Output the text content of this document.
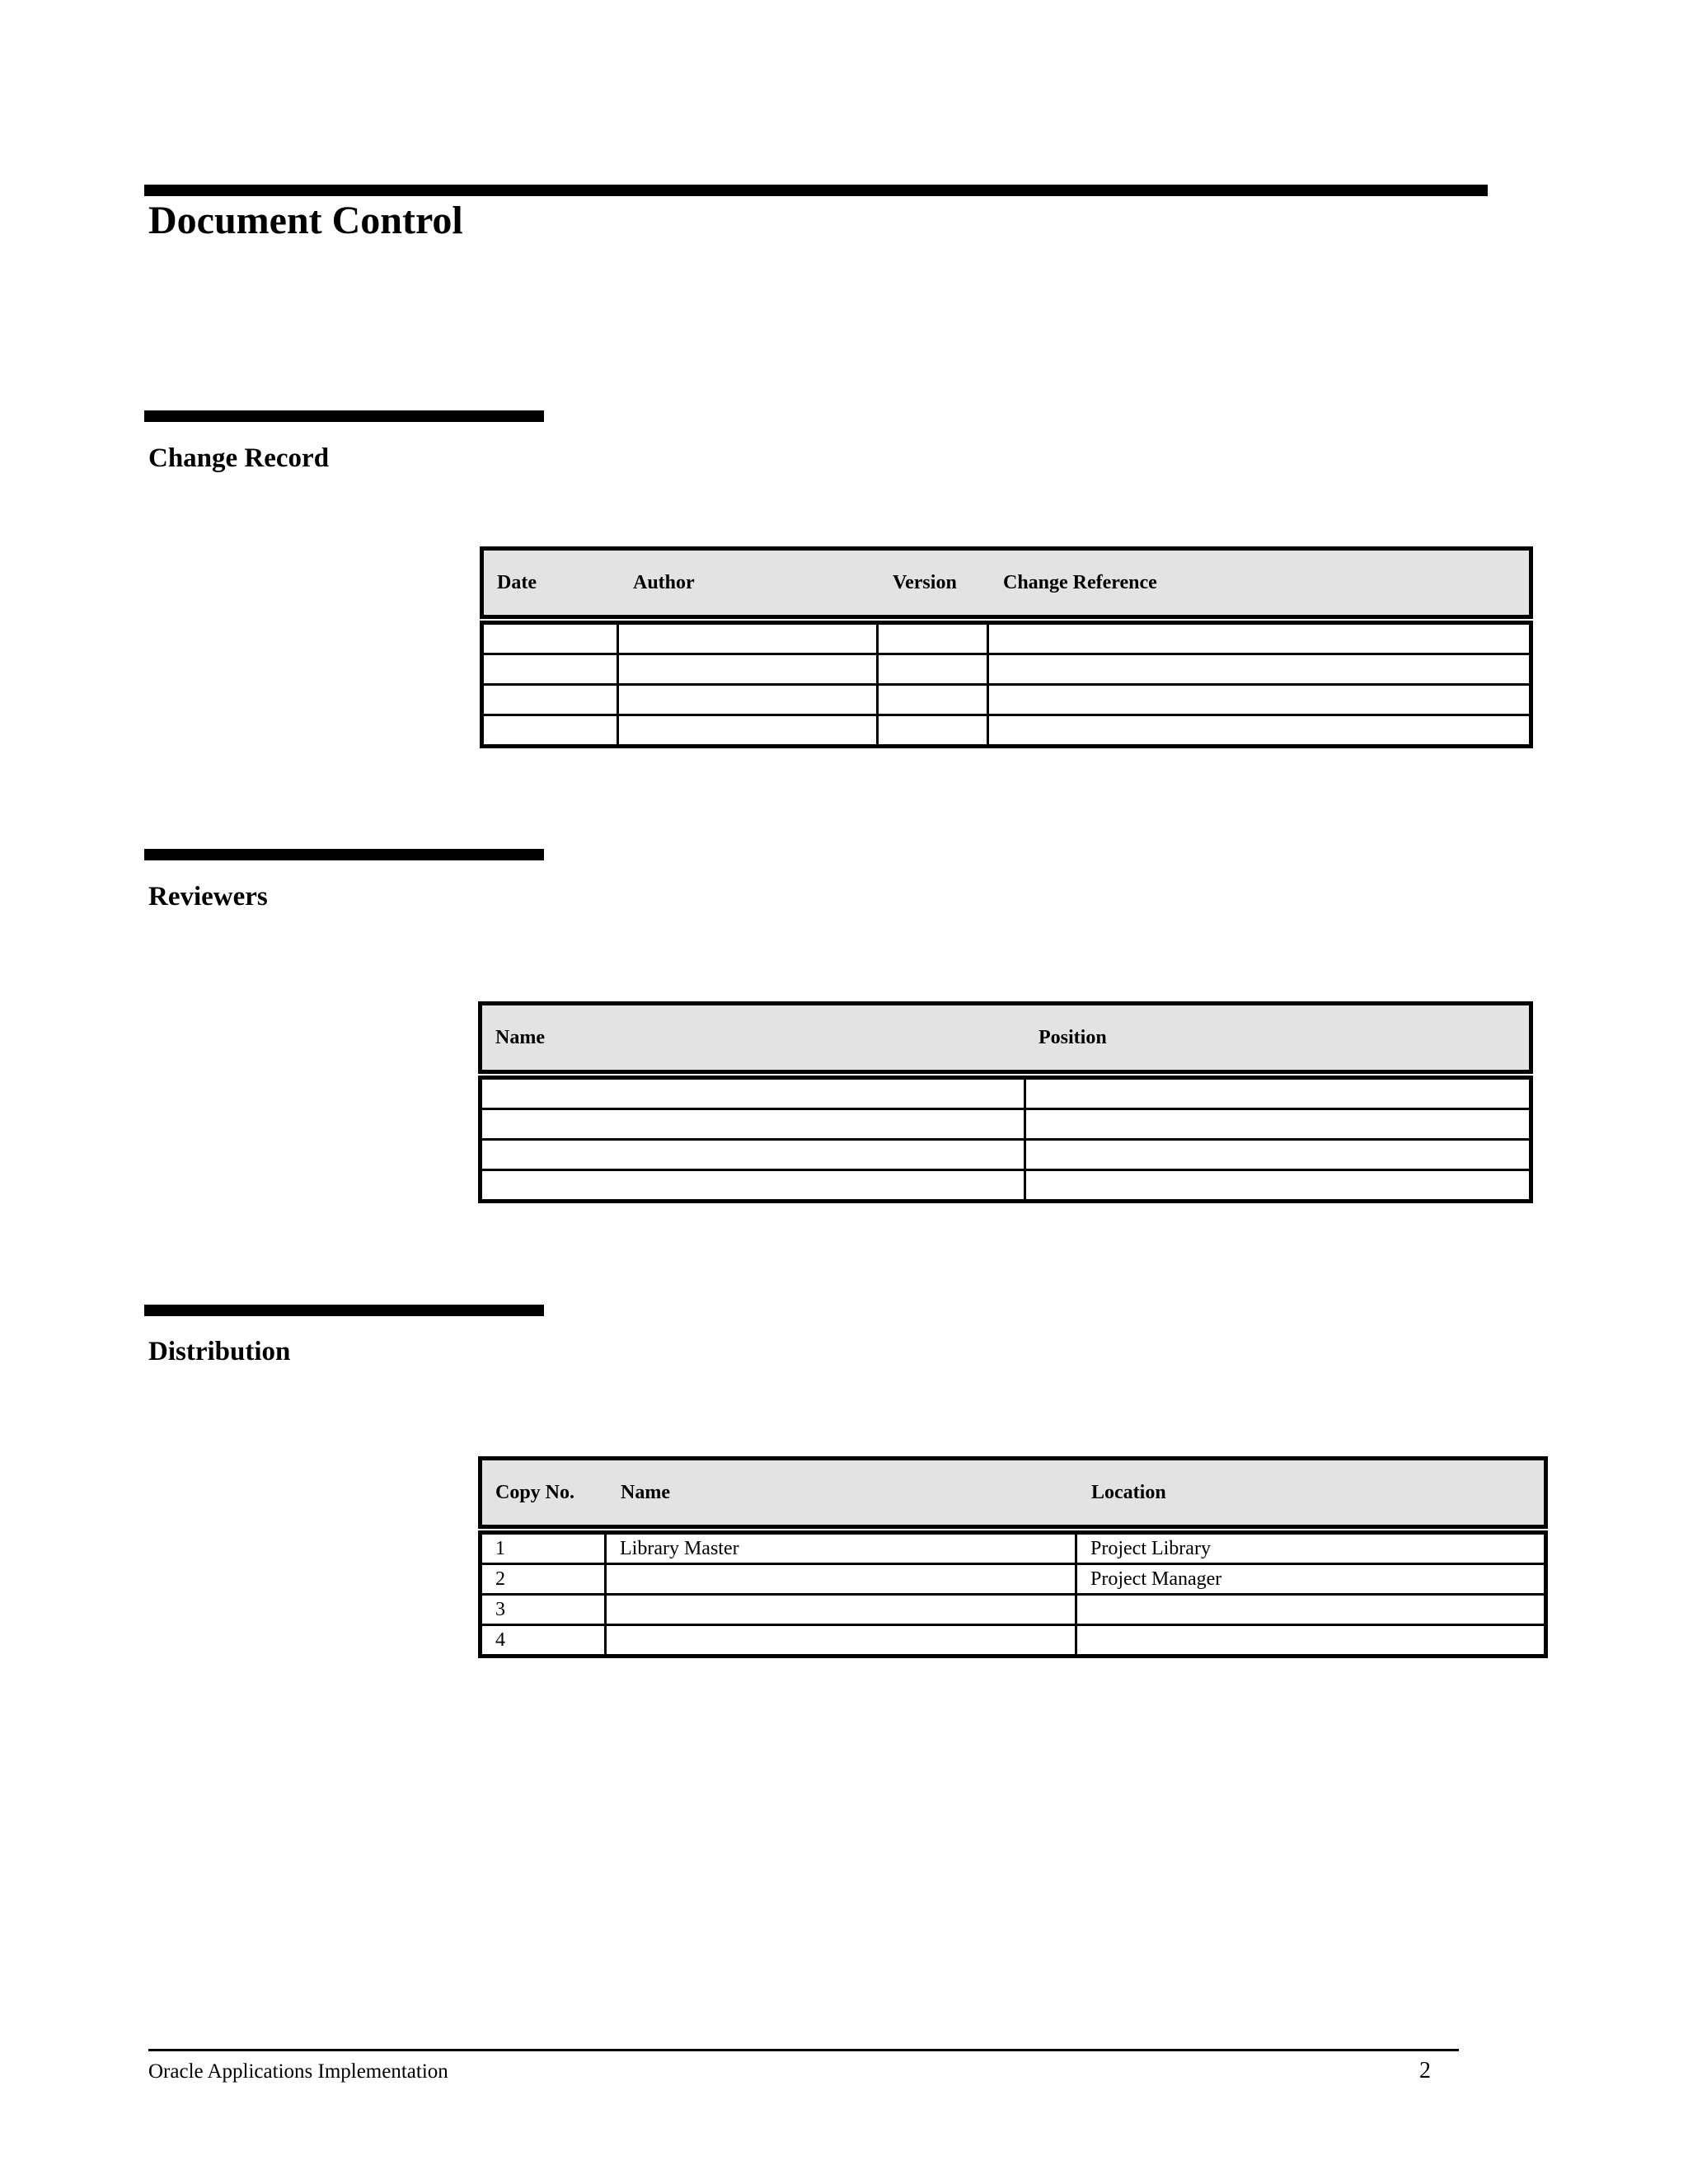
Document Control
Change Record
Date	Author	Version	Change Reference

Reviewers
Name	Position

Distribution
Copy No.	Name	Location
1	Library Master	Project Library
2		Project Manager
3		
4		
Oracle Applications Implementation	2
